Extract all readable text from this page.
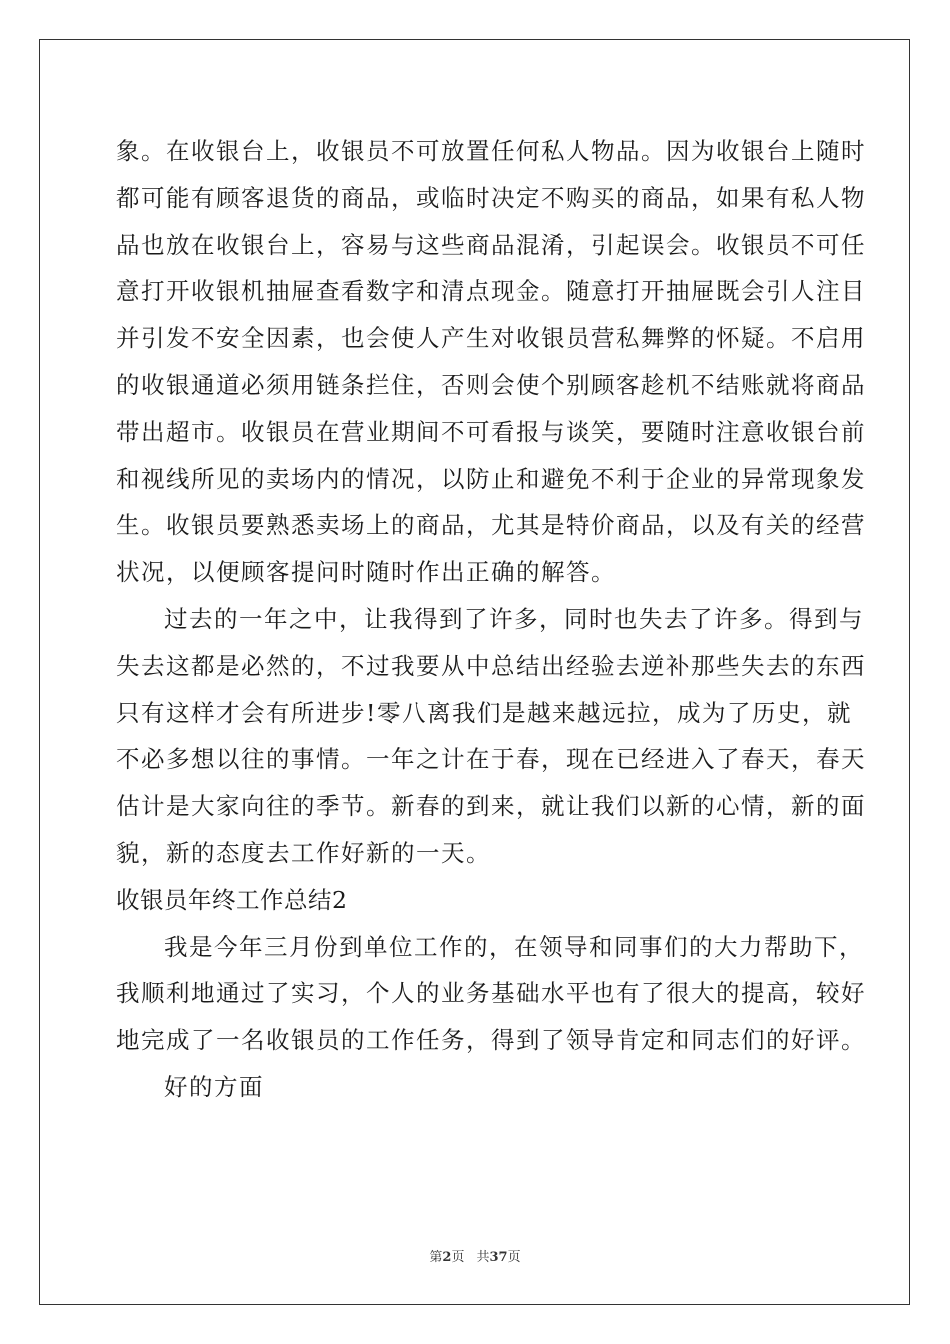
象。在收银台上，收银员不可放置任何私人物品。因为收银台上随时
都可能有顾客退货的商品，或临时决定不购买的商品，如果有私人物
品也放在收银台上，容易与这些商品混淆，引起误会。收银员不可任
意打开收银机抽屉查看数字和清点现金。随意打开抽屉既会引人注目
并引发不安全因素，也会使人产生对收银员营私舞弊的怀疑。不启用
的收银通道必须用链条拦住，否则会使个别顾客趁机不结账就将商品
带出超市。收银员在营业期间不可看报与谈笑，要随时注意收银台前
和视线所见的卖场内的情况，以防止和避免不利于企业的异常现象发
生。收银员要熟悉卖场上的商品，尤其是特价商品，以及有关的经营
状况，以便顾客提问时随时作出正确的解答。
过去的一年之中，让我得到了许多，同时也失去了许多。得到与
失去这都是必然的，不过我要从中总结出经验去逆补那些失去的东西
只有这样才会有所进步!零八离我们是越来越远拉，成为了历史，就
不必多想以往的事情。一年之计在于春，现在已经进入了春天，春天
估计是大家向往的季节。新春的到来，就让我们以新的心情，新的面
貌，新的态度去工作好新的一天。
收银员年终工作总结2
我是今年三月份到单位工作的，在领导和同事们的大力帮助下，
我顺利地通过了实习，个人的业务基础水平也有了很大的提高，较好
地完成了一名收银员的工作任务，得到了领导肯定和同志们的好评。
好的方面
第2页 共37页
